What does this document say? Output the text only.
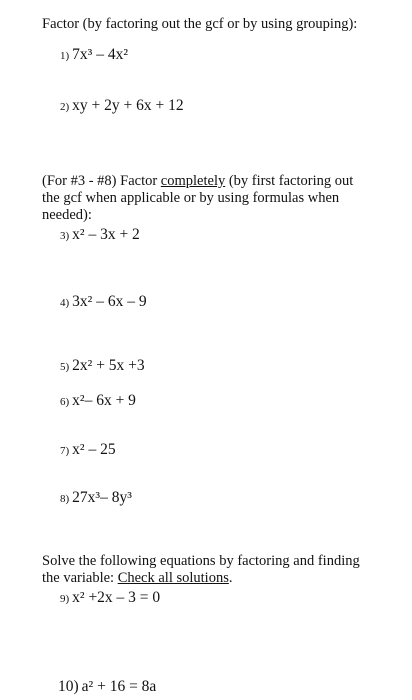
Factor (by factoring out the gcf or by using grouping):
1) 7x³ – 4x²
2) xy + 2y + 6x + 12
(For #3 - #8) Factor completely (by first factoring out
the gcf when applicable or by using formulas when
needed):
3) x² – 3x + 2
4) 3x² – 6x – 9
5) 2x² + 5x +3
6) x²– 6x + 9
7) x² – 25
8) 27x³– 8y³
Solve the following equations by factoring and finding
the variable: Check all solutions.
9) x² +2x – 3 = 0
10) a² + 16 = 8a
